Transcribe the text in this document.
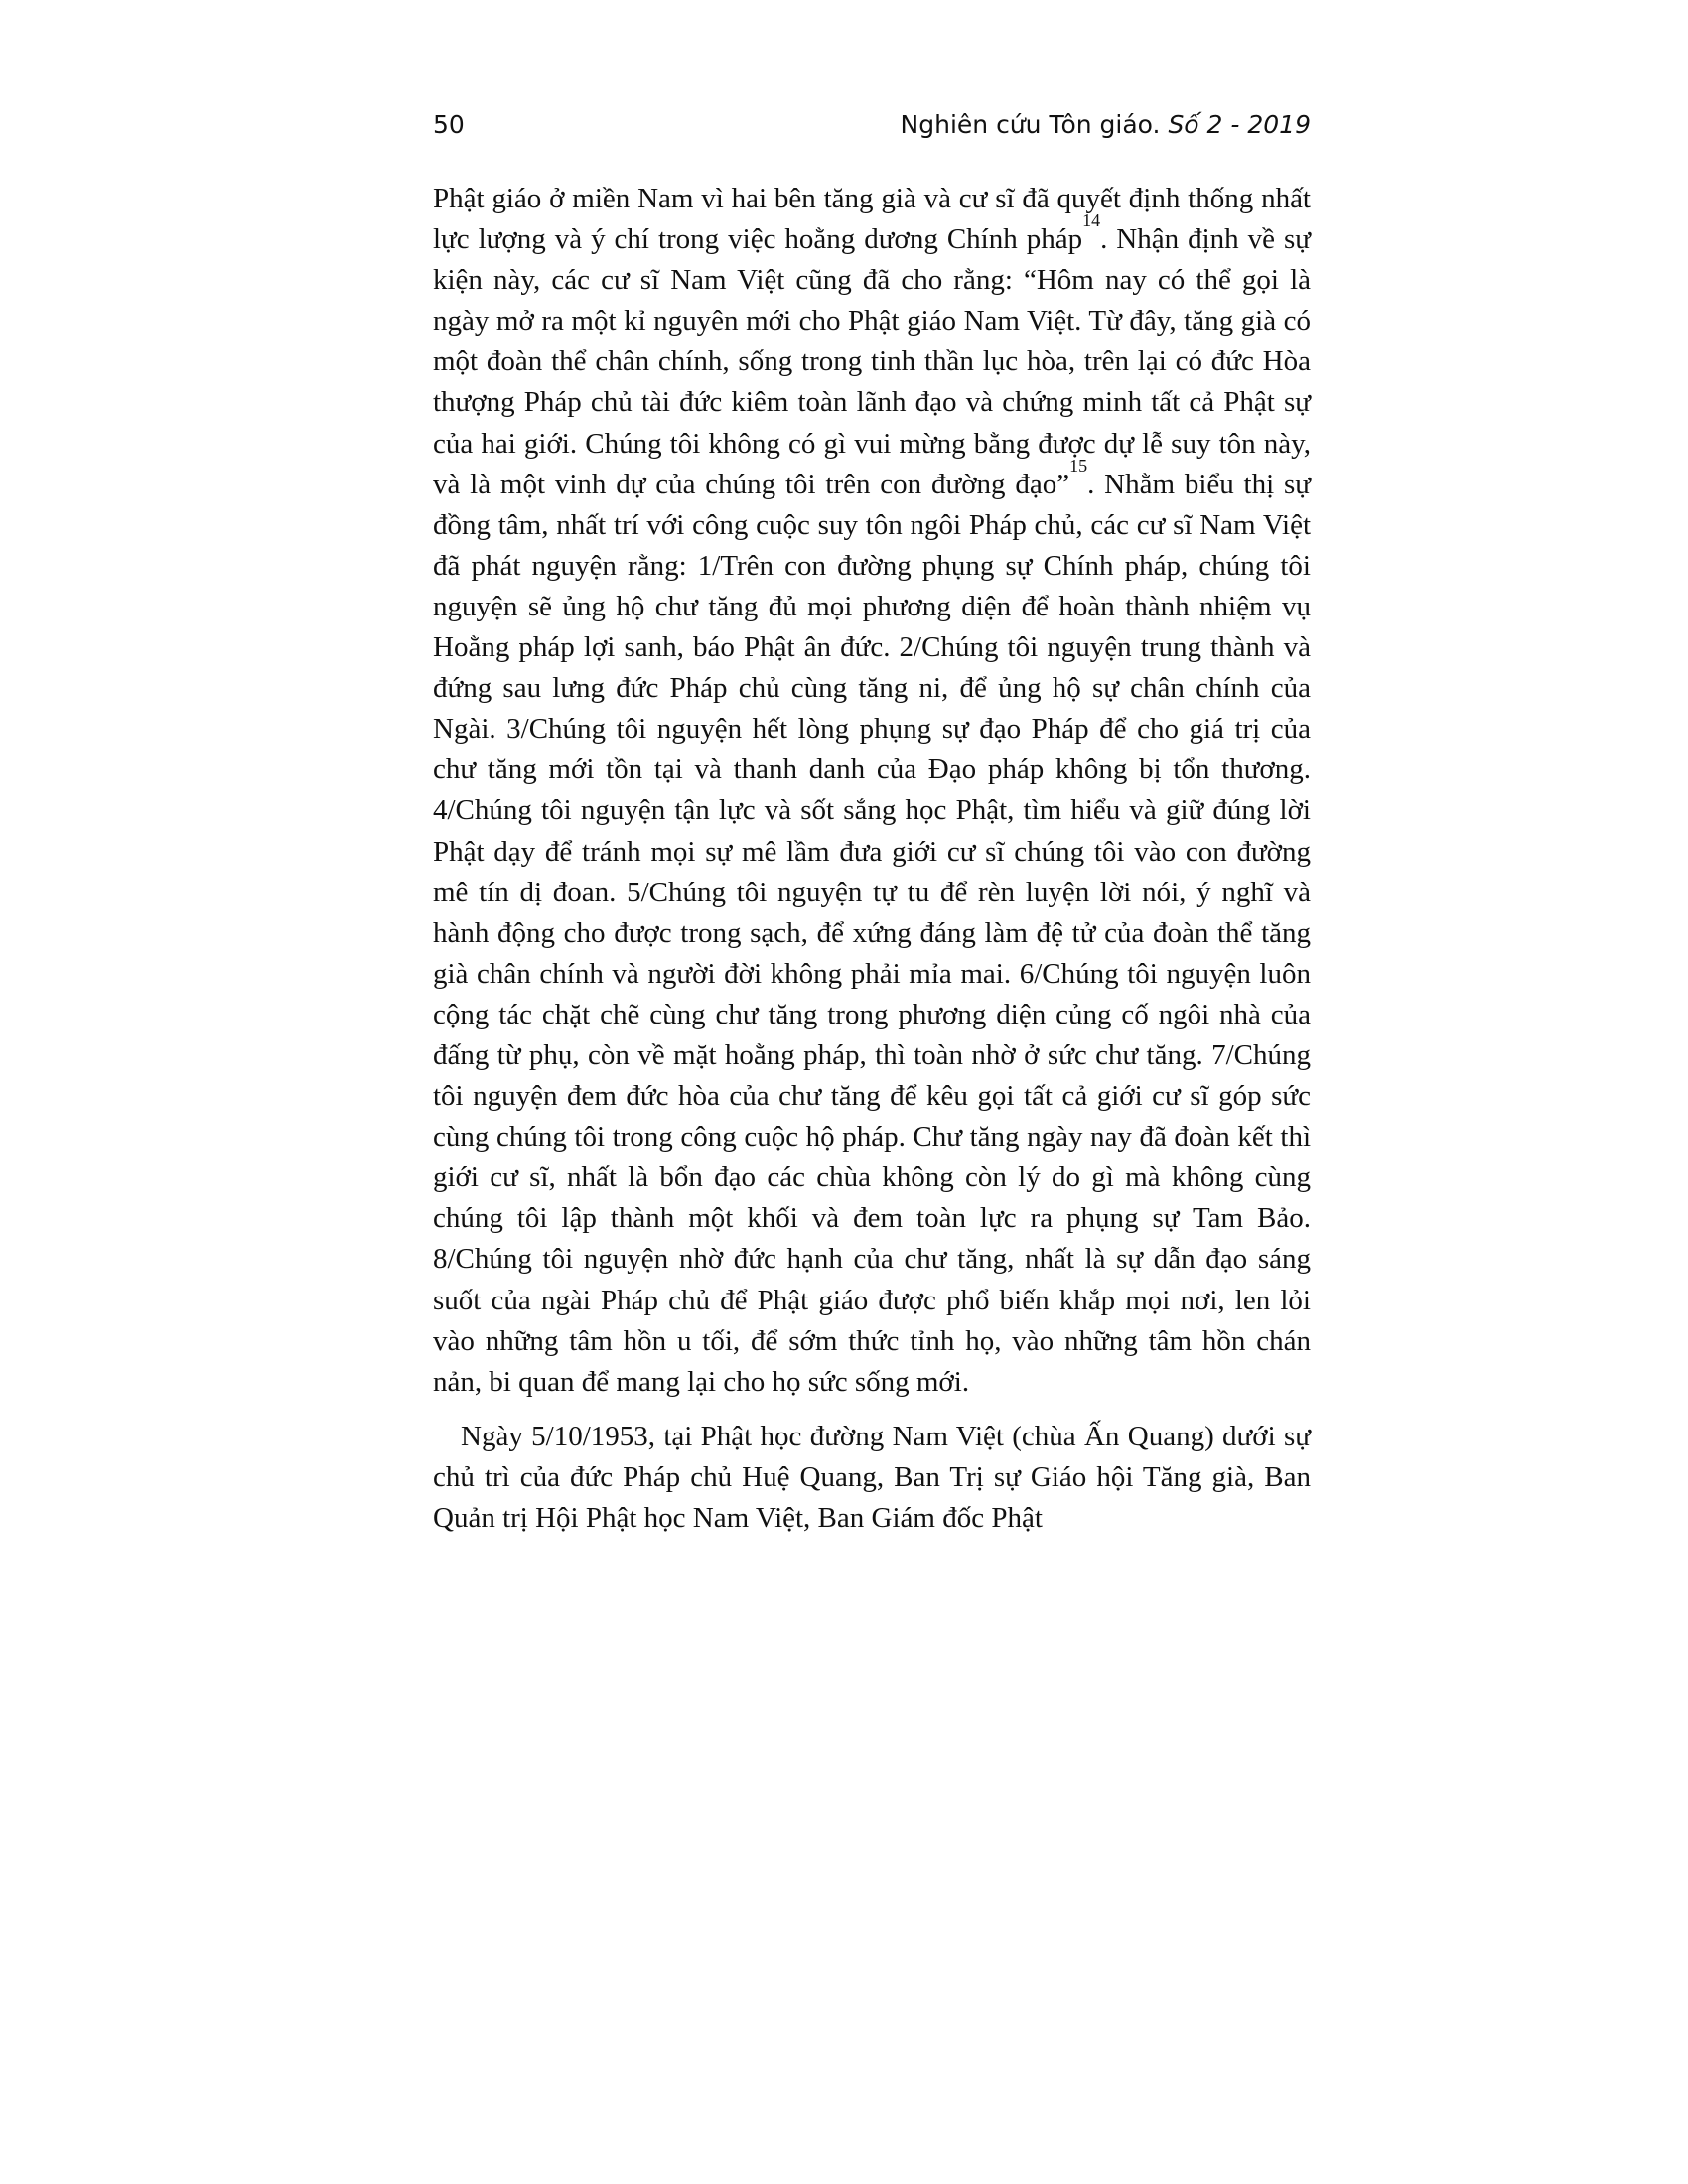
50	Nghiên cứu Tôn giáo. Số 2 - 2019

Phật giáo ở miền Nam vì hai bên tăng già và cư sĩ đã quyết định thống nhất lực lượng và ý chí trong việc hoằng dương Chính pháp$^{14}$. Nhận định về sự kiện này, các cư sĩ Nam Việt cũng đã cho rằng: “Hôm nay có thể gọi là ngày mở ra một kỉ nguyên mới cho Phật giáo Nam Việt. Từ đây, tăng già có một đoàn thể chân chính, sống trong tinh thần lục hòa, trên lại có đức Hòa thượng Pháp chủ tài đức kiêm toàn lãnh đạo và chứng minh tất cả Phật sự của hai giới. Chúng tôi không có gì vui mừng bằng được dự lễ suy tôn này, và là một vinh dự của chúng tôi trên con đường đạo”$^{15}$. Nhằm biểu thị sự đồng tâm, nhất trí với công cuộc suy tôn ngôi Pháp chủ, các cư sĩ Nam Việt đã phát nguyện rằng: 1/Trên con đường phụng sự Chính pháp, chúng tôi nguyện sẽ ủng hộ chư tăng đủ mọi phương diện để hoàn thành nhiệm vụ Hoằng pháp lợi sanh, báo Phật ân đức. 2/Chúng tôi nguyện trung thành và đứng sau lưng đức Pháp chủ cùng tăng ni, để ủng hộ sự chân chính của Ngài. 3/Chúng tôi nguyện hết lòng phụng sự đạo Pháp để cho giá trị của chư tăng mới tồn tại và thanh danh của Đạo pháp không bị tổn thương. 4/Chúng tôi nguyện tận lực và sốt sắng học Phật, tìm hiểu và giữ đúng lời Phật dạy để tránh mọi sự mê lầm đưa giới cư sĩ chúng tôi vào con đường mê tín dị đoan. 5/Chúng tôi nguyện tự tu để rèn luyện lời nói, ý nghĩ và hành động cho được trong sạch, để xứng đáng làm đệ tử của đoàn thể tăng già chân chính và người đời không phải mỉa mai. 6/Chúng tôi nguyện luôn cộng tác chặt chẽ cùng chư tăng trong phương diện củng cố ngôi nhà của đấng từ phụ, còn về mặt hoằng pháp, thì toàn nhờ ở sức chư tăng. 7/Chúng tôi nguyện đem đức hòa của chư tăng để kêu gọi tất cả giới cư sĩ góp sức cùng chúng tôi trong công cuộc hộ pháp. Chư tăng ngày nay đã đoàn kết thì giới cư sĩ, nhất là bổn đạo các chùa không còn lý do gì mà không cùng chúng tôi lập thành một khối và đem toàn lực ra phụng sự Tam Bảo. 8/Chúng tôi nguyện nhờ đức hạnh của chư tăng, nhất là sự dẫn đạo sáng suốt của ngài Pháp chủ để Phật giáo được phổ biến khắp mọi nơi, len lỏi vào những tâm hồn u tối, để sớm thức tỉnh họ, vào những tâm hồn chán nản, bi quan để mang lại cho họ sức sống mới.

Ngày 5/10/1953, tại Phật học đường Nam Việt (chùa Ấn Quang) dưới sự chủ trì của đức Pháp chủ Huệ Quang, Ban Trị sự Giáo hội Tăng già, Ban Quản trị Hội Phật học Nam Việt, Ban Giám đốc Phật
